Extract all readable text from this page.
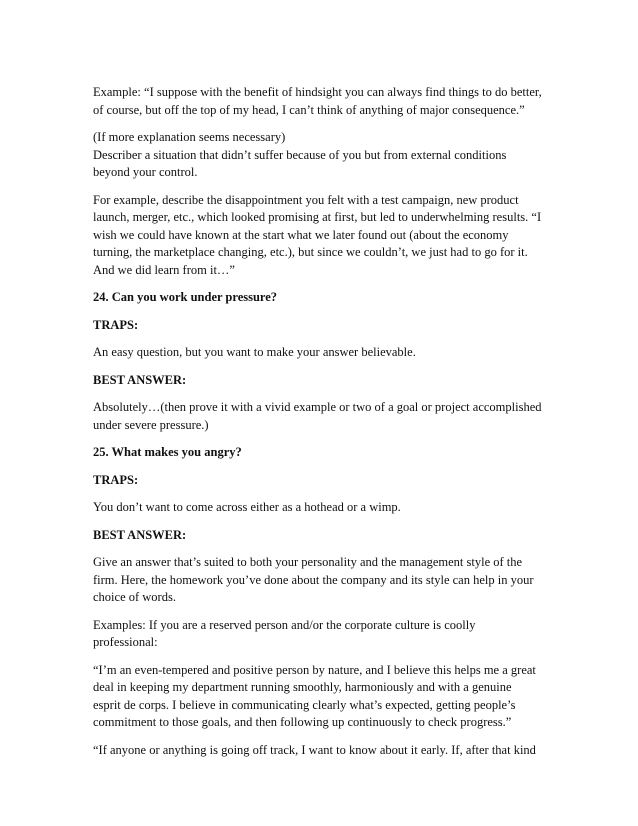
Example: “I suppose with the benefit of hindsight you can always find things to do better,
of course, but off the top of my head, I can’t think of anything of major consequence.”

(If more explanation seems necessary)
Describer a situation that didn’t suffer because of you but from external conditions
beyond your control.

For example, describe the disappointment you felt with a test campaign, new product
launch, merger, etc., which looked promising at first, but led to underwhelming results. “I
wish we could have known at the start what we later found out (about the economy
turning, the marketplace changing, etc.), but since we couldn’t, we just had to go for it.
And we did learn from it…”

24. Can you work under pressure?

TRAPS:

An easy question, but you want to make your answer believable.

BEST ANSWER:

Absolutely…(then prove it with a vivid example or two of a goal or project accomplished
under severe pressure.)

25. What makes you angry?

TRAPS:

You don’t want to come across either as a hothead or a wimp.

BEST ANSWER:

Give an answer that’s suited to both your personality and the management style of the
firm. Here, the homework you’ve done about the company and its style can help in your
choice of words.

Examples: If you are a reserved person and/or the corporate culture is coolly
professional:

“I’m an even-tempered and positive person by nature, and I believe this helps me a great
deal in keeping my department running smoothly, harmoniously and with a genuine
esprit de corps. I believe in communicating clearly what’s expected, getting people’s
commitment to those goals, and then following up continuously to check progress.”

“If anyone or anything is going off track, I want to know about it early. If, after that kind
